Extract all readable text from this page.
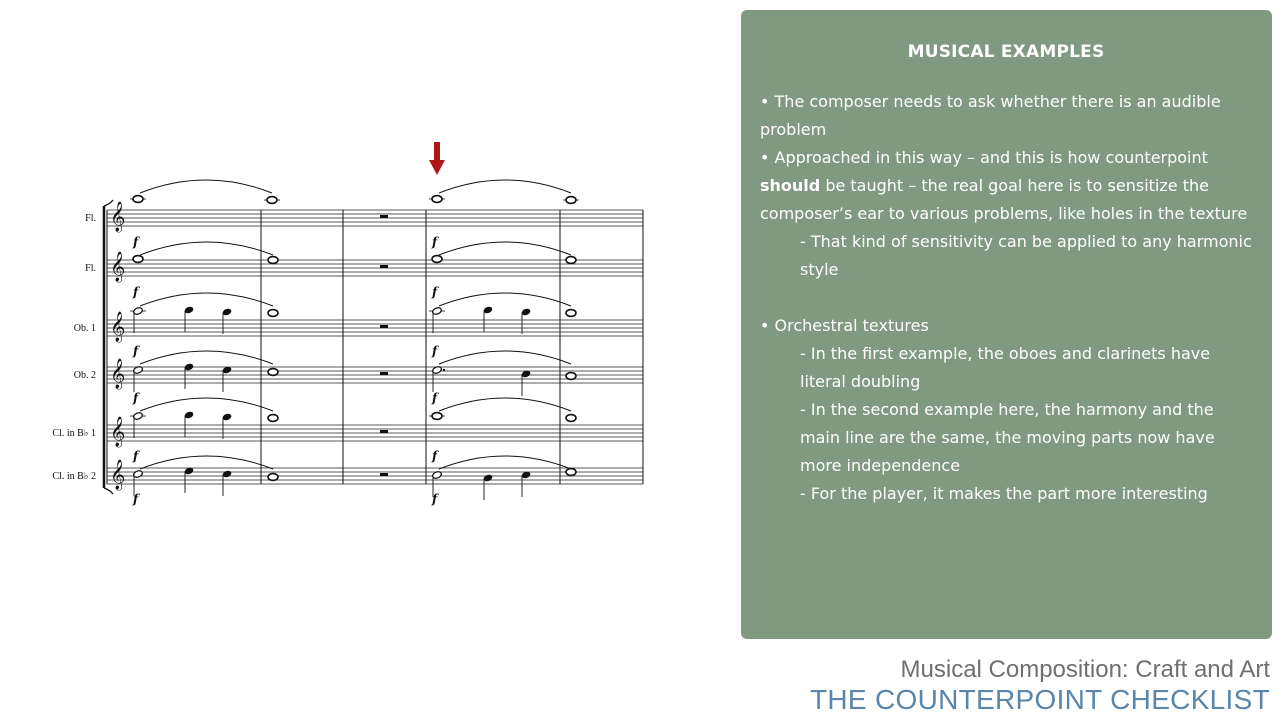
Fl.
Fl.
Ob. 1
Ob. 2
Cl. in B♭ 1
Cl. in B♭ 2
𝄞
𝄞
𝄞
𝄞
𝄞
𝄞
f	f
f	f
f	f
f	f
f	f
f	f
MUSICAL EXAMPLES
• The composer needs to ask whether there is an audible problem
• Approached in this way – and this is how counterpoint should be taught – the real goal here is to sensitize the composer’s ear to various problems, like holes in the texture
- That kind of sensitivity can be applied to any harmonic style
• Orchestral textures
- In the first example, the oboes and clarinets have literal doubling
- In the second example here, the harmony and the main line are the same, the moving parts now have more independence
- For the player, it makes the part more interesting
Musical Composition: Craft and Art
THE COUNTERPOINT CHECKLIST
